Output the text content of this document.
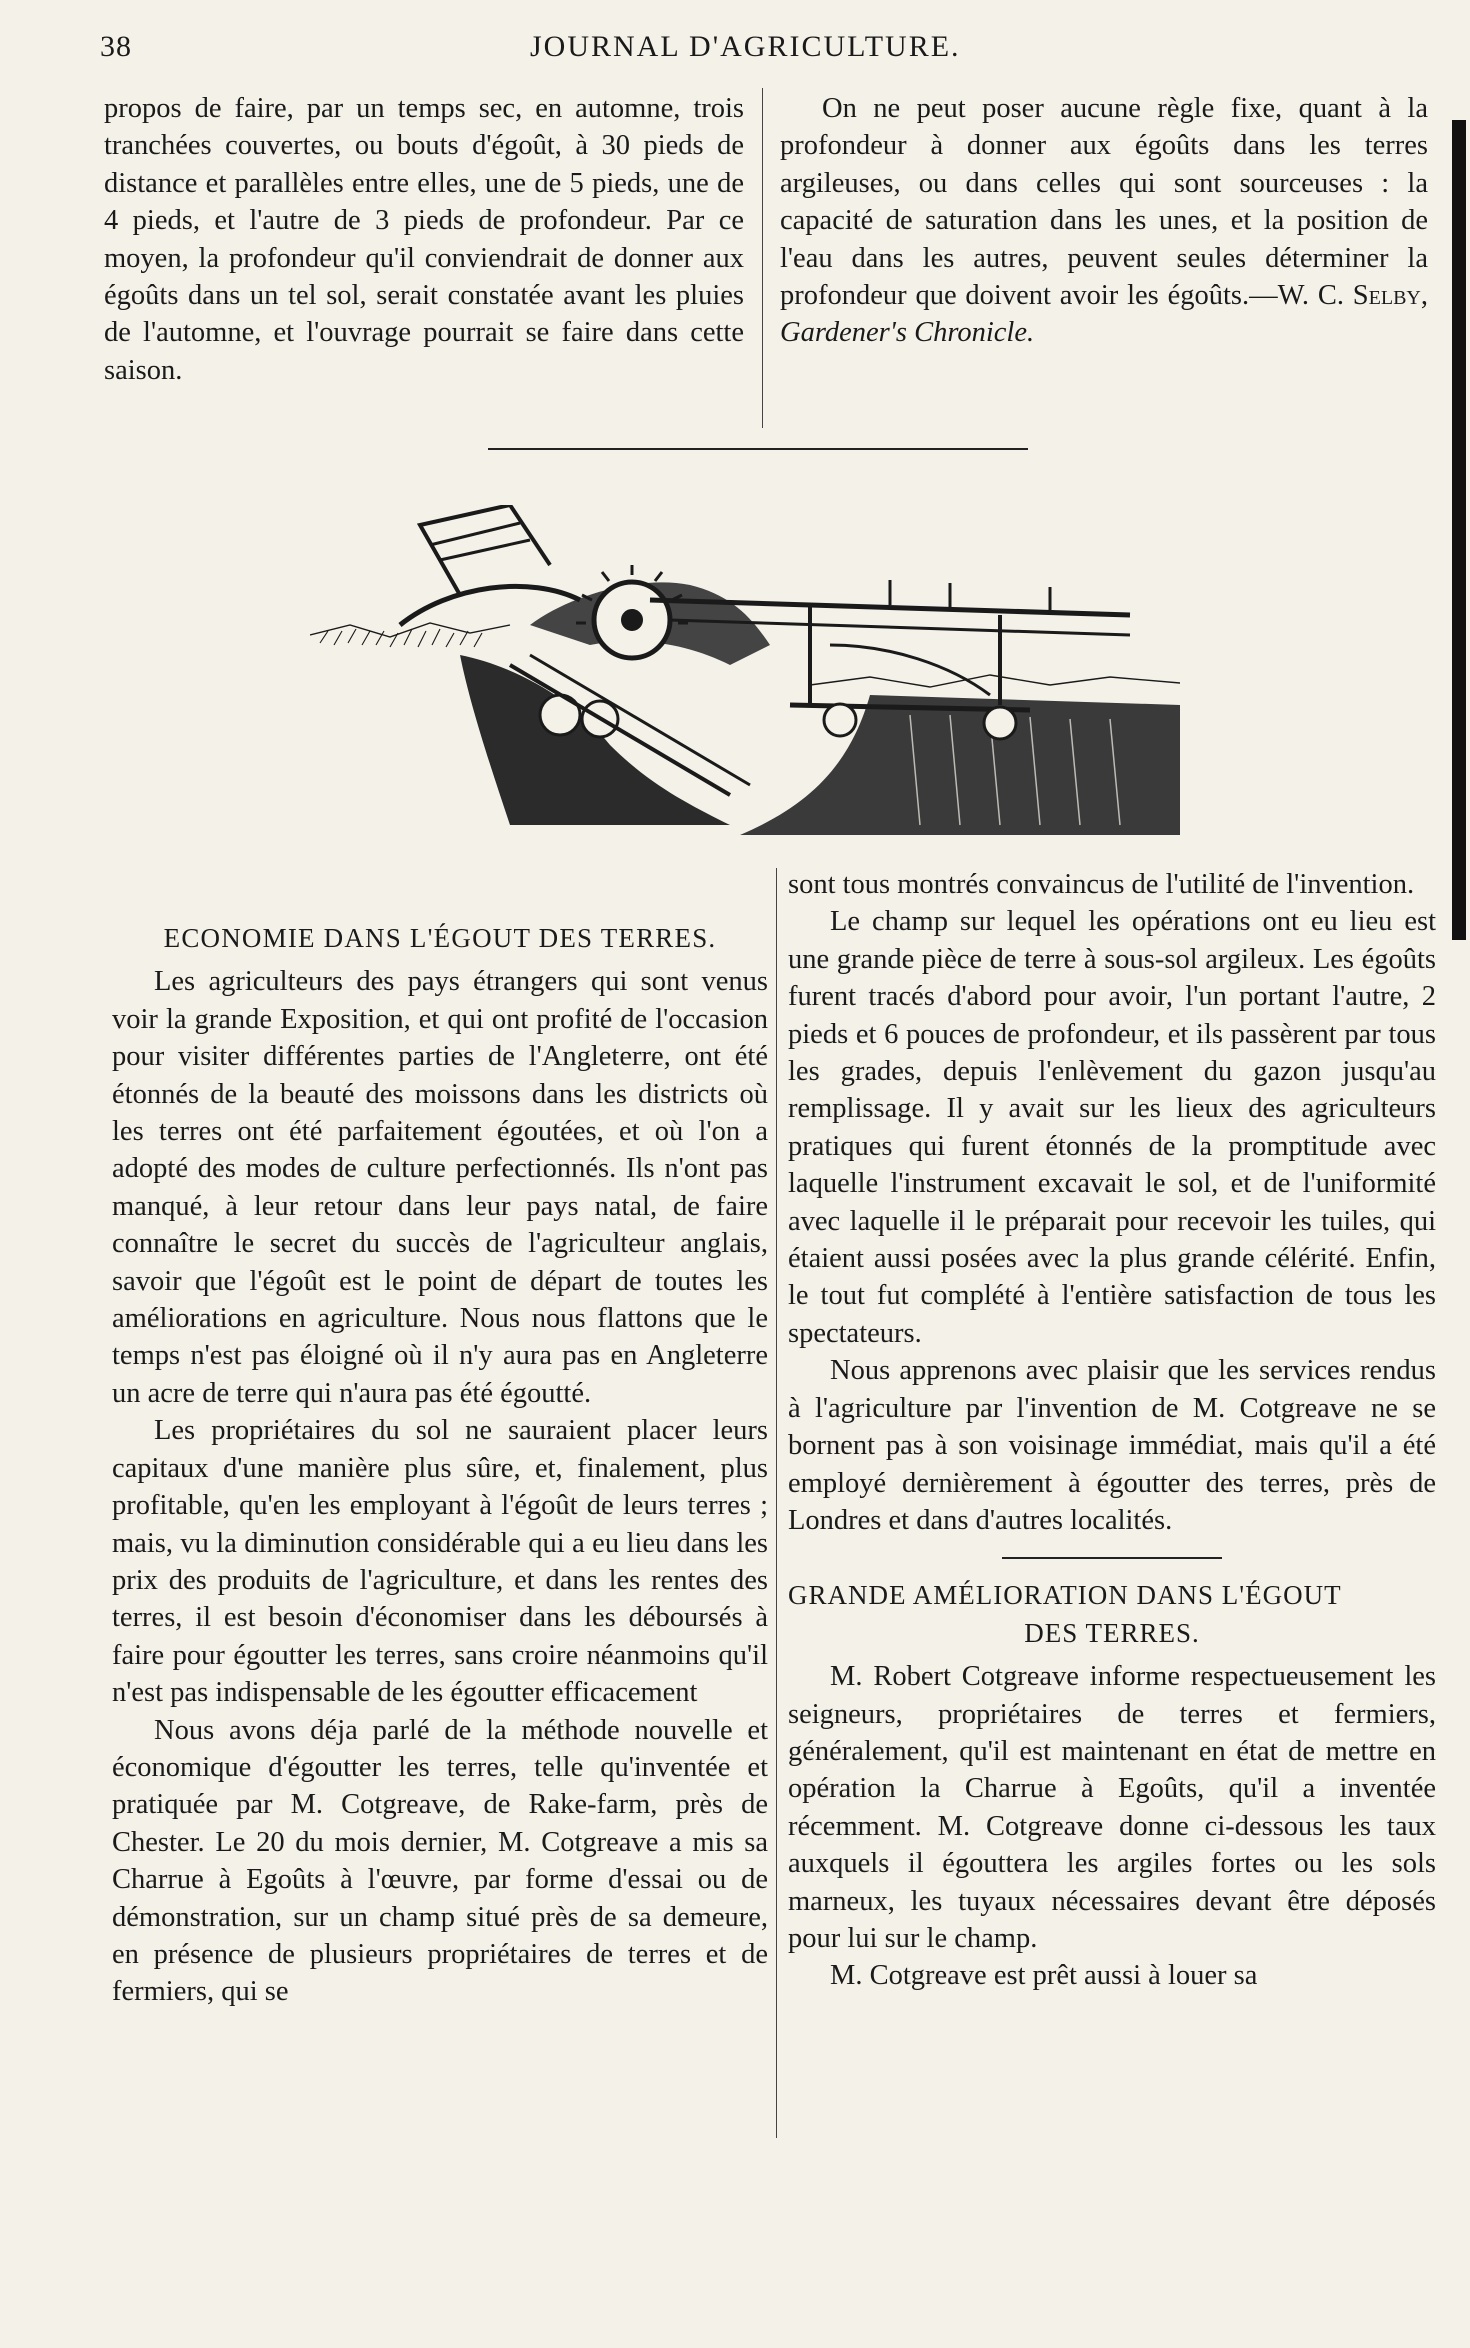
38	JOURNAL D'AGRICULTURE.

propos de faire, par un temps sec, en automne, trois tranchées couvertes, ou bouts d'égoût, à 30 pieds de distance et parallèles entre elles, une de 5 pieds, une de 4 pieds, et l'autre de 3 pieds de profondeur. Par ce moyen, la profondeur qu'il conviendrait de donner aux égoûts dans un tel sol, serait constatée avant les pluies de l'automne, et l'ouvrage pourrait se faire dans cette saison.

On ne peut poser aucune règle fixe, quant à la profondeur à donner aux égoûts dans les terres argileuses, ou dans celles qui sont sourceuses : la capacité de saturation dans les unes, et la position de l'eau dans les autres, peuvent seules déterminer la profondeur que doivent avoir les égoûts.—W. C. Selby, Gardener's Chronicle.

ECONOMIE DANS L'ÉGOUT DES TERRES.

Les agriculteurs des pays étrangers qui sont venus voir la grande Exposition, et qui ont profité de l'occasion pour visiter différentes parties de l'Angleterre, ont été étonnés de la beauté des moissons dans les districts où les terres ont été parfaitement égoutées, et où l'on a adopté des modes de culture perfectionnés. Ils n'ont pas manqué, à leur retour dans leur pays natal, de faire connaître le secret du succès de l'agriculteur anglais, savoir que l'égoût est le point de départ de toutes les améliorations en agriculture. Nous nous flattons que le temps n'est pas éloigné où il n'y aura pas en Angleterre un acre de terre qui n'aura pas été égoutté.

Les propriétaires du sol ne sauraient placer leurs capitaux d'une manière plus sûre, et, finalement, plus profitable, qu'en les employant à l'égoût de leurs terres ; mais, vu la diminution considérable qui a eu lieu dans les prix des produits de l'agriculture, et dans les rentes des terres, il est besoin d'économiser dans les déboursés à faire pour égoutter les terres, sans croire néanmoins qu'il n'est pas indispensable de les égoutter efficacement

Nous avons déja parlé de la méthode nouvelle et économique d'égoutter les terres, telle qu'inventée et pratiquée par M. Cotgreave, de Rake-farm, près de Chester. Le 20 du mois dernier, M. Cotgreave a mis sa Charrue à Egoûts à l'œuvre, par forme d'essai ou de démonstration, sur un champ situé près de sa demeure, en présence de plusieurs propriétaires de terres et de fermiers, qui se

sont tous montrés convaincus de l'utilité de l'invention.

Le champ sur lequel les opérations ont eu lieu est une grande pièce de terre à sous-sol argileux. Les égoûts furent tracés d'abord pour avoir, l'un portant l'autre, 2 pieds et 6 pouces de profondeur, et ils passèrent par tous les grades, depuis l'enlèvement du gazon jusqu'au remplissage. Il y avait sur les lieux des agriculteurs pratiques qui furent étonnés de la promptitude avec laquelle l'instrument excavait le sol, et de l'uniformité avec laquelle il le préparait pour recevoir les tuiles, qui étaient aussi posées avec la plus grande célérité. Enfin, le tout fut complété à l'entière satisfaction de tous les spectateurs.

Nous apprenons avec plaisir que les services rendus à l'agriculture par l'invention de M. Cotgreave ne se bornent pas à son voisinage immédiat, mais qu'il a été employé dernièrement à égoutter des terres, près de Londres et dans d'autres localités.

GRANDE AMÉLIORATION DANS L'ÉGOUT
DES TERRES.

M. Robert Cotgreave informe respectueusement les seigneurs, propriétaires de terres et fermiers, généralement, qu'il est maintenant en état de mettre en opération la Charrue à Egoûts, qu'il a inventée récemment. M. Cotgreave donne ci-dessous les taux auxquels il égouttera les argiles fortes ou les sols marneux, les tuyaux nécessaires devant être déposés pour lui sur le champ.

M. Cotgreave est prêt aussi à louer sa
